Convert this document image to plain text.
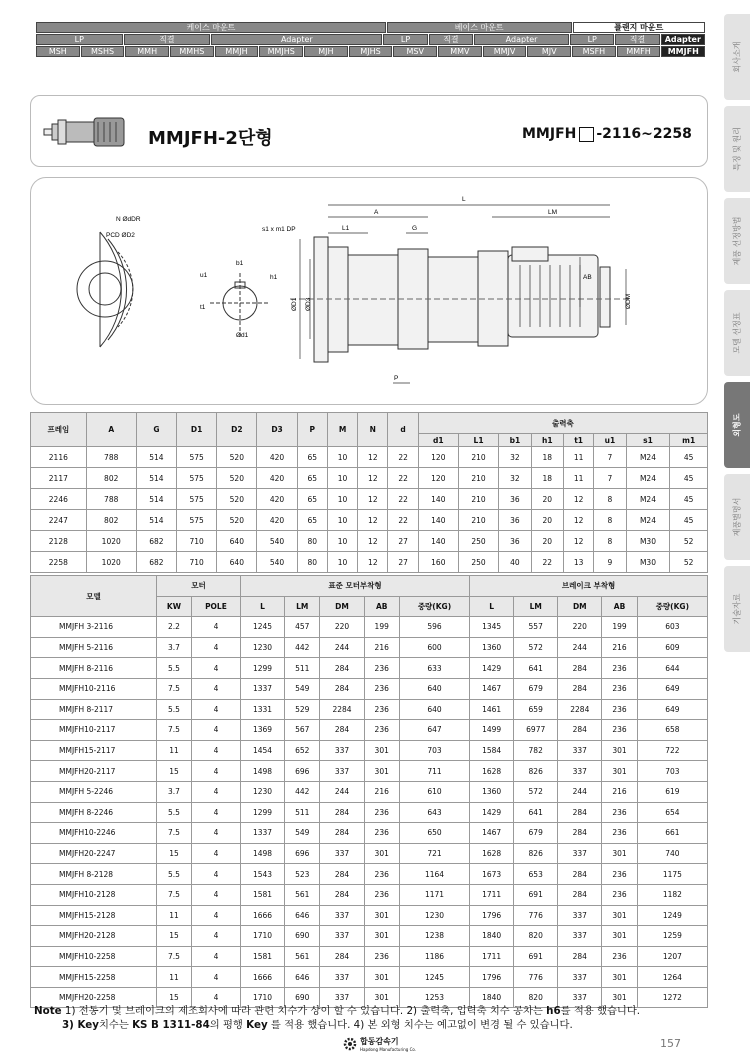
케이스 마운트	베이스 마운트	플랜지 마운트
LP	직결	Adapter	LP	직결	Adapter	LP	직결	Adapter
MSH	MSHS	MMH	MMHS	MMJH	MMJHS	MJH	MJHS	MSV	MMV	MMJV	MJV	MSFH	MMFH	MMJFH	회사소개
특징 및 원리
제품 선정방법
모델 선정표
외형도
제품별명서
기술자료
MMJFH-2단형	MMJFH -2116~2258
N ØdDR
PCD ØD2
s1 x m1 DP
b1
u1	h1
t1
Ød1
L
A
L1	G
LM
AB
ØD1 ØD3	ØDM
P
프레임	A	G	D1	D2	D3	P	M	N	d	출력축							
										d1	L1	b1	h1	t1	u1	s1	m1
2116	788	514	575	520	420	65	10	12	22	120	210	32	18	11	7	M24	45
2117	802	514	575	520	420	65	10	12	22	120	210	32	18	11	7	M24	45
2246	788	514	575	520	420	65	10	12	22	140	210	36	20	12	8	M24	45
2247	802	514	575	520	420	65	10	12	22	140	210	36	20	12	8	M24	45
2128	1020	682	710	640	540	80	10	12	27	140	250	36	20	12	8	M30	52
2258	1020	682	710	640	540	80	10	12	27	160	250	40	22	13	9	M30	52
모델	모터		표준 모터부착형					브레이크 부착형				
	KW	POLE	L	LM	DM	AB	중량(KG)	L	LM	DM	AB	중량(KG)
MMJFH 3-2116	2.2	4	1245	457	220	199	596	1345	557	220	199	603
MMJFH 5-2116	3.7	4	1230	442	244	216	600	1360	572	244	216	609
MMJFH 8-2116	5.5	4	1299	511	284	236	633	1429	641	284	236	644
MMJFH10-2116	7.5	4	1337	549	284	236	640	1467	679	284	236	649
MMJFH 8-2117	5.5	4	1331	529	2284	236	640	1461	659	2284	236	649
MMJFH10-2117	7.5	4	1369	567	284	236	647	1499	6977	284	236	658
MMJFH15-2117	11	4	1454	652	337	301	703	1584	782	337	301	722
MMJFH20-2117	15	4	1498	696	337	301	711	1628	826	337	301	703
MMJFH 5-2246	3.7	4	1230	442	244	216	610	1360	572	244	216	619
MMJFH 8-2246	5.5	4	1299	511	284	236	643	1429	641	284	236	654
MMJFH10-2246	7.5	4	1337	549	284	236	650	1467	679	284	236	661
MMJFH20-2247	15	4	1498	696	337	301	721	1628	826	337	301	740
MMJFH 8-2128	5.5	4	1543	523	284	236	1164	1673	653	284	236	1175
MMJFH10-2128	7.5	4	1581	561	284	236	1171	1711	691	284	236	1182
MMJFH15-2128	11	4	1666	646	337	301	1230	1796	776	337	301	1249
MMJFH20-2128	15	4	1710	690	337	301	1238	1840	820	337	301	1259
MMJFH10-2258	7.5	4	1581	561	284	236	1186	1711	691	284	236	1207
MMJFH15-2258	11	4	1666	646	337	301	1245	1796	776	337	301	1264
MMJFH20-2258	15	4	1710	690	337	301	1253	1840	820	337	301	1272
Note 1) 전동기 및 브레이크의 제조회사에 따라 관련 치수가 상이 할 수 있습니다. 2) 출력축, 입력축 치수 공차는 h6를 적용 했습니다.
3) Key치수는 KS B 1311-84의 평행 Key 를 적용 했습니다. 4) 본 외형 치수는 예고없이 변경 될 수 있습니다.
합동감속기
Hapdong Manufacturing Co.	157
